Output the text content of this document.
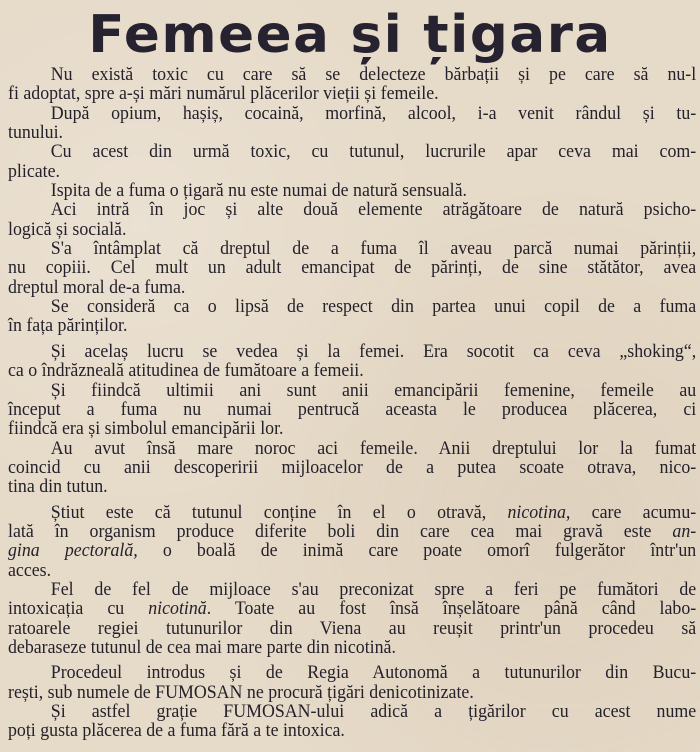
Femeea și țigara
Nu există toxic cu care să se delecteze bărbații și pe care să nu-l
fi adoptat, spre a-și mări numărul plăcerilor vieții și femeile.
După opium, hașiș, cocaină, morfină, alcool, i-a venit rândul și tu-
tunului.
Cu acest din urmă toxic, cu tutunul, lucrurile apar ceva mai com-
plicate.
Ispita de a fuma o țigară nu este numai de natură sensuală.
Aci intră în joc și alte două elemente atrăgătoare de natură psicho-
logică și socială.
S'a întâmplat că dreptul de a fuma îl aveau parcă numai părinții,
nu copiii. Cel mult un adult emancipat de părinți, de sine stătător, avea
dreptul moral de-a fuma.
Se consideră ca o lipsă de respect din partea unui copil de a fuma
în fața părinților.
Și acelaș lucru se vedea și la femei. Era socotit ca ceva „shoking“,
ca o îndrăzneală atitudinea de fumătoare a femeii.
Și fiindcă ultimii ani sunt anii emancipării femenine, femeile au
început a fuma nu numai pentrucă aceasta le producea plăcerea, ci
fiindcă era și simbolul emancipării lor.
Au avut însă mare noroc aci femeile. Anii dreptului lor la fumat
coincid cu anii descoperirii mijloacelor de a putea scoate otrava, nico-
tina din tutun.
Știut este că tutunul conține în el o otravă, nicotina, care acumu-
lată în organism produce diferite boli din care cea mai gravă este an-
gina pectorală, o boală de inimă care poate omorî fulgerător într'un
acces.
Fel de fel de mijloace s'au preconizat spre a feri pe fumători de
intoxicația cu nicotină. Toate au fost însă înșelătoare până când labo-
ratoarele regiei tutunurilor din Viena au reușit printr'un procedeu să
debaraseze tutunul de cea mai mare parte din nicotină.
Procedeul introdus și de Regia Autonomă a tutunurilor din Bucu-
rești, sub numele de FUMOSAN ne procură țigări denicotinizate.
Și astfel grație FUMOSAN-ului adică a țigărilor cu acest nume
poți gusta plăcerea de a fuma fără a te intoxica.
